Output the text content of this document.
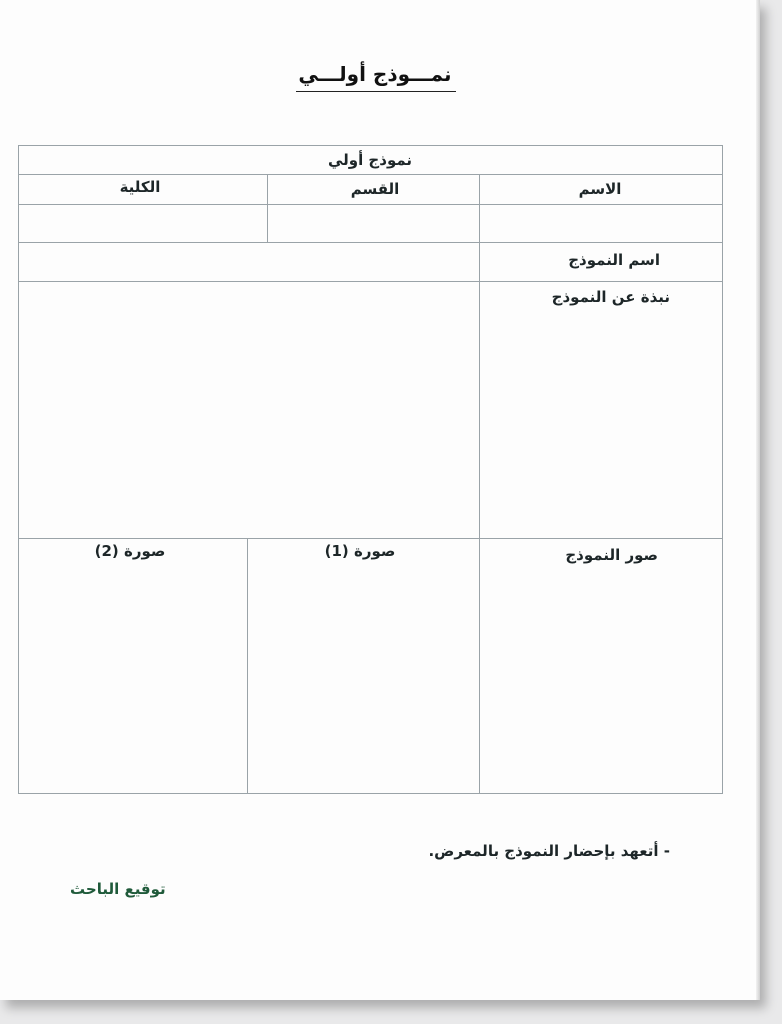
نمـــوذج أولـــي
نموذج أولي
الاسم
القسم
الكلية
اسم النموذج
نبذة عن النموذج
صور النموذج
صورة (1)
صورة (2)
- أتعهد بإحضار النموذج بالمعرض.
توقيع الباحث
